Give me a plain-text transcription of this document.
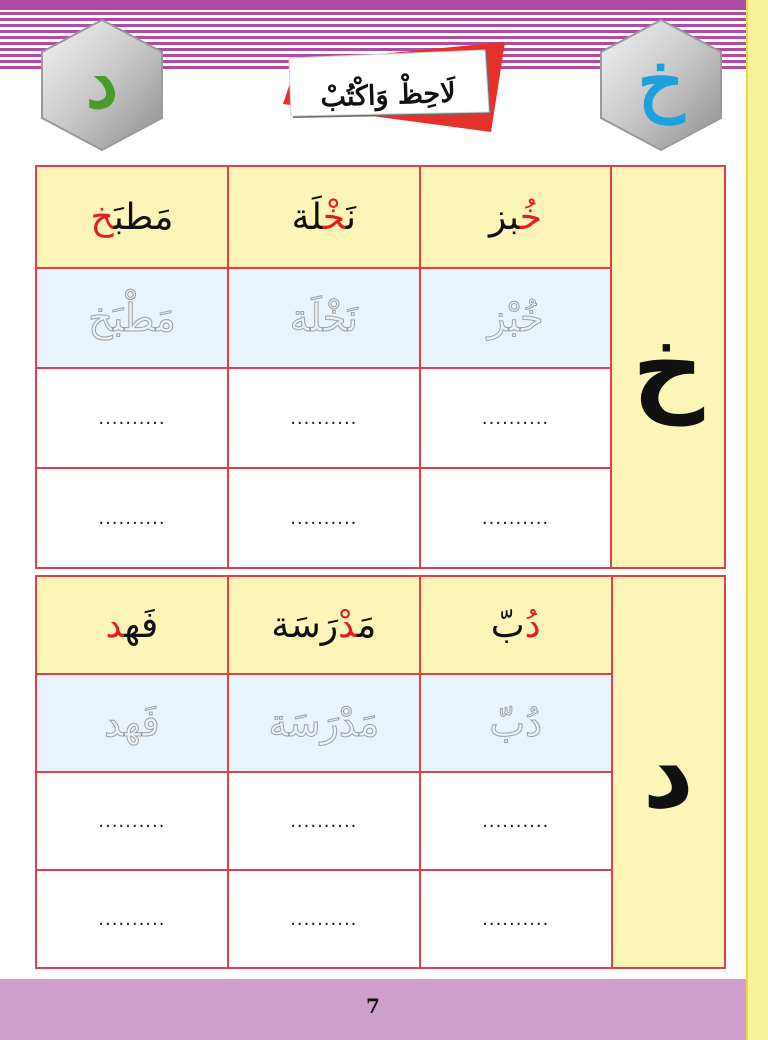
د	خ
لَاحِظْ وَاكْتُبْ
مَطبَخ	نَخْلَة	خُبز	خ
مَطْبَخ	نَخْلَة	خُبْز	
..........	..........	..........	
..........	..........	..........	
فَهد	مَدْرَسَة	دُبّ	د
فَهد	مَدْرَسَة	دُبّ	
..........	..........	..........	
..........	..........	..........	
7
